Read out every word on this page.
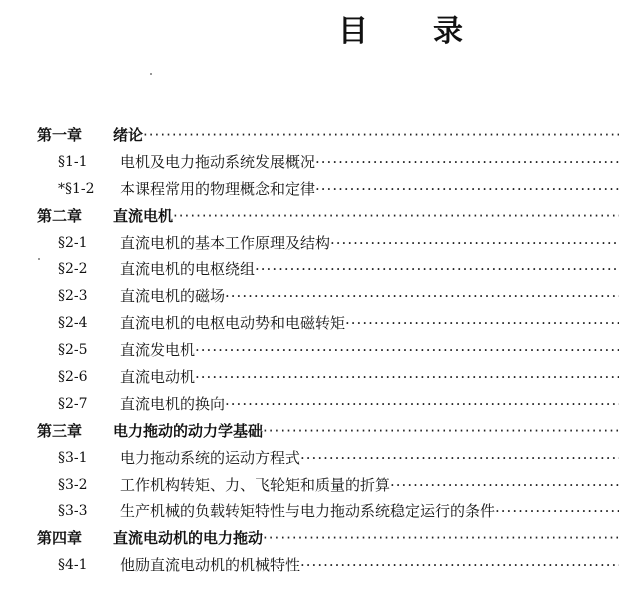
目 录
第一章 绪论 ·····
§1-1 电机及电力拖动系统发展概况 ·····
*§1-2 本课程常用的物理概念和定律 ·····
第二章 直流电机 ·····
§2-1 直流电机的基本工作原理及结构 ·····
§2-2 直流电机的电枢绕组 ·····
§2-3 直流电机的磁场 ·····
§2-4 直流电机的电枢电动势和电磁转矩 ·····
§2-5 直流发电机 ·····
§2-6 直流电动机 ·····
§2-7 直流电机的换向 ·····
第三章 电力拖动的动力学基础 ·····
§3-1 电力拖动系统的运动方程式 ·····
§3-2 工作机构转矩、力、飞轮矩和质量的折算 ·····
§3-3 生产机械的负载转矩特性与电力拖动系统稳定运行的条件 ·····
第四章 直流电动机的电力拖动 ·····
§4-1 他励直流电动机的机械特性 ·····
